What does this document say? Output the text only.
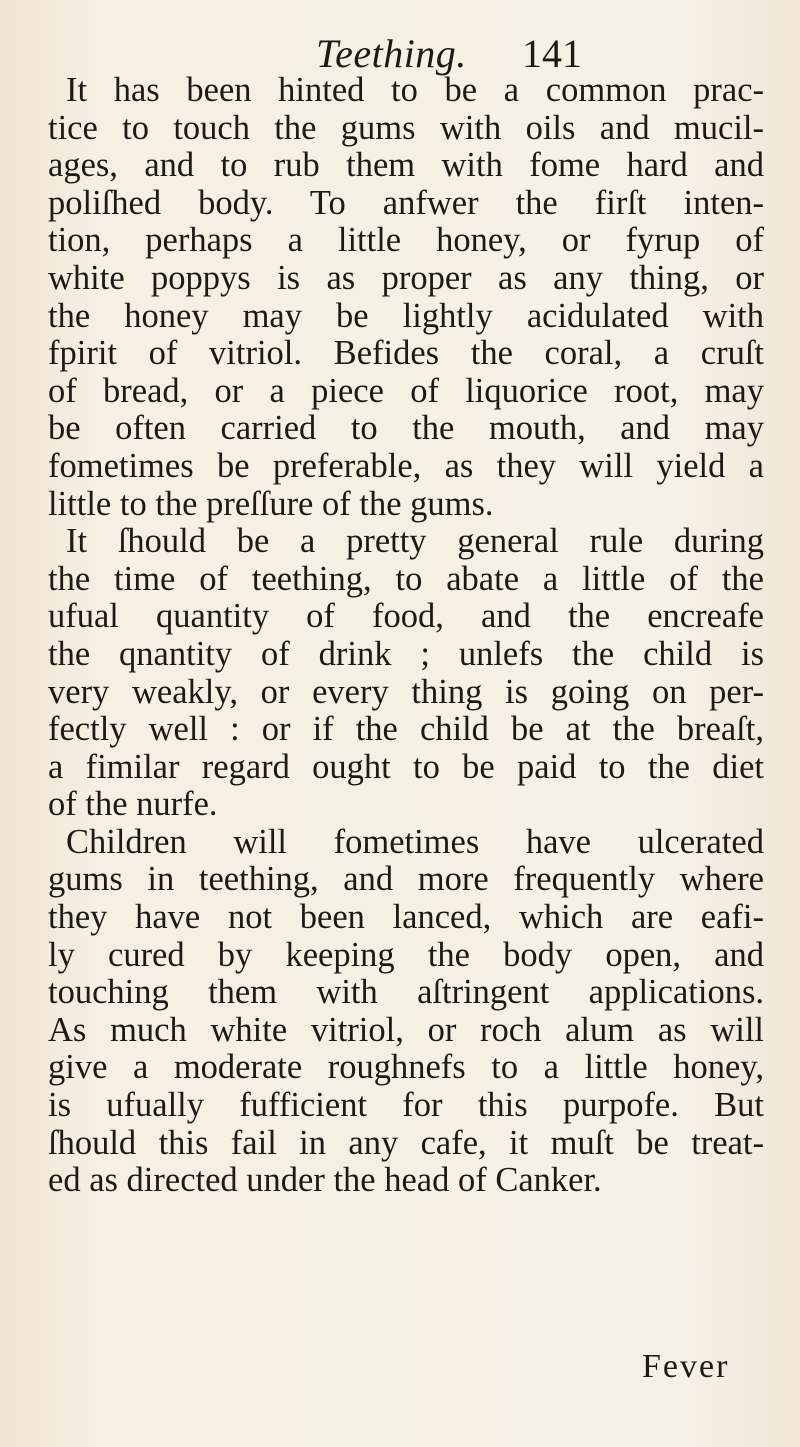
Teething. 141
It has been hinted to be a common prac-
tice to touch the gums with oils and mucil-
ages, and to rub them with fome hard and
poliſhed body. To anfwer the firſt inten-
tion, perhaps a little honey, or fyrup of
white poppys is as proper as any thing, or
the honey may be lightly acidulated with
fpirit of vitriol. Befides the coral, a cruſt
of bread, or a piece of liquorice root, may
be often carried to the mouth, and may
fometimes be preferable, as they will yield a
little to the preſſure of the gums.
It ſhould be a pretty general rule during
the time of teething, to abate a little of the
ufual quantity of food, and the encreafe
the qnantity of drink ; unlefs the child is
very weakly, or every thing is going on per-
fectly well : or if the child be at the breaſt,
a fimilar regard ought to be paid to the diet
of the nurfe.
Children will fometimes have ulcerated
gums in teething, and more frequently where
they have not been lanced, which are eafi-
ly cured by keeping the body open, and
touching them with aſtringent applications.
As much white vitriol, or roch alum as will
give a moderate roughnefs to a little honey,
is ufually fufficient for this purpofe. But
ſhould this fail in any cafe, it muſt be treat-
ed as directed under the head of Canker.
Fever
